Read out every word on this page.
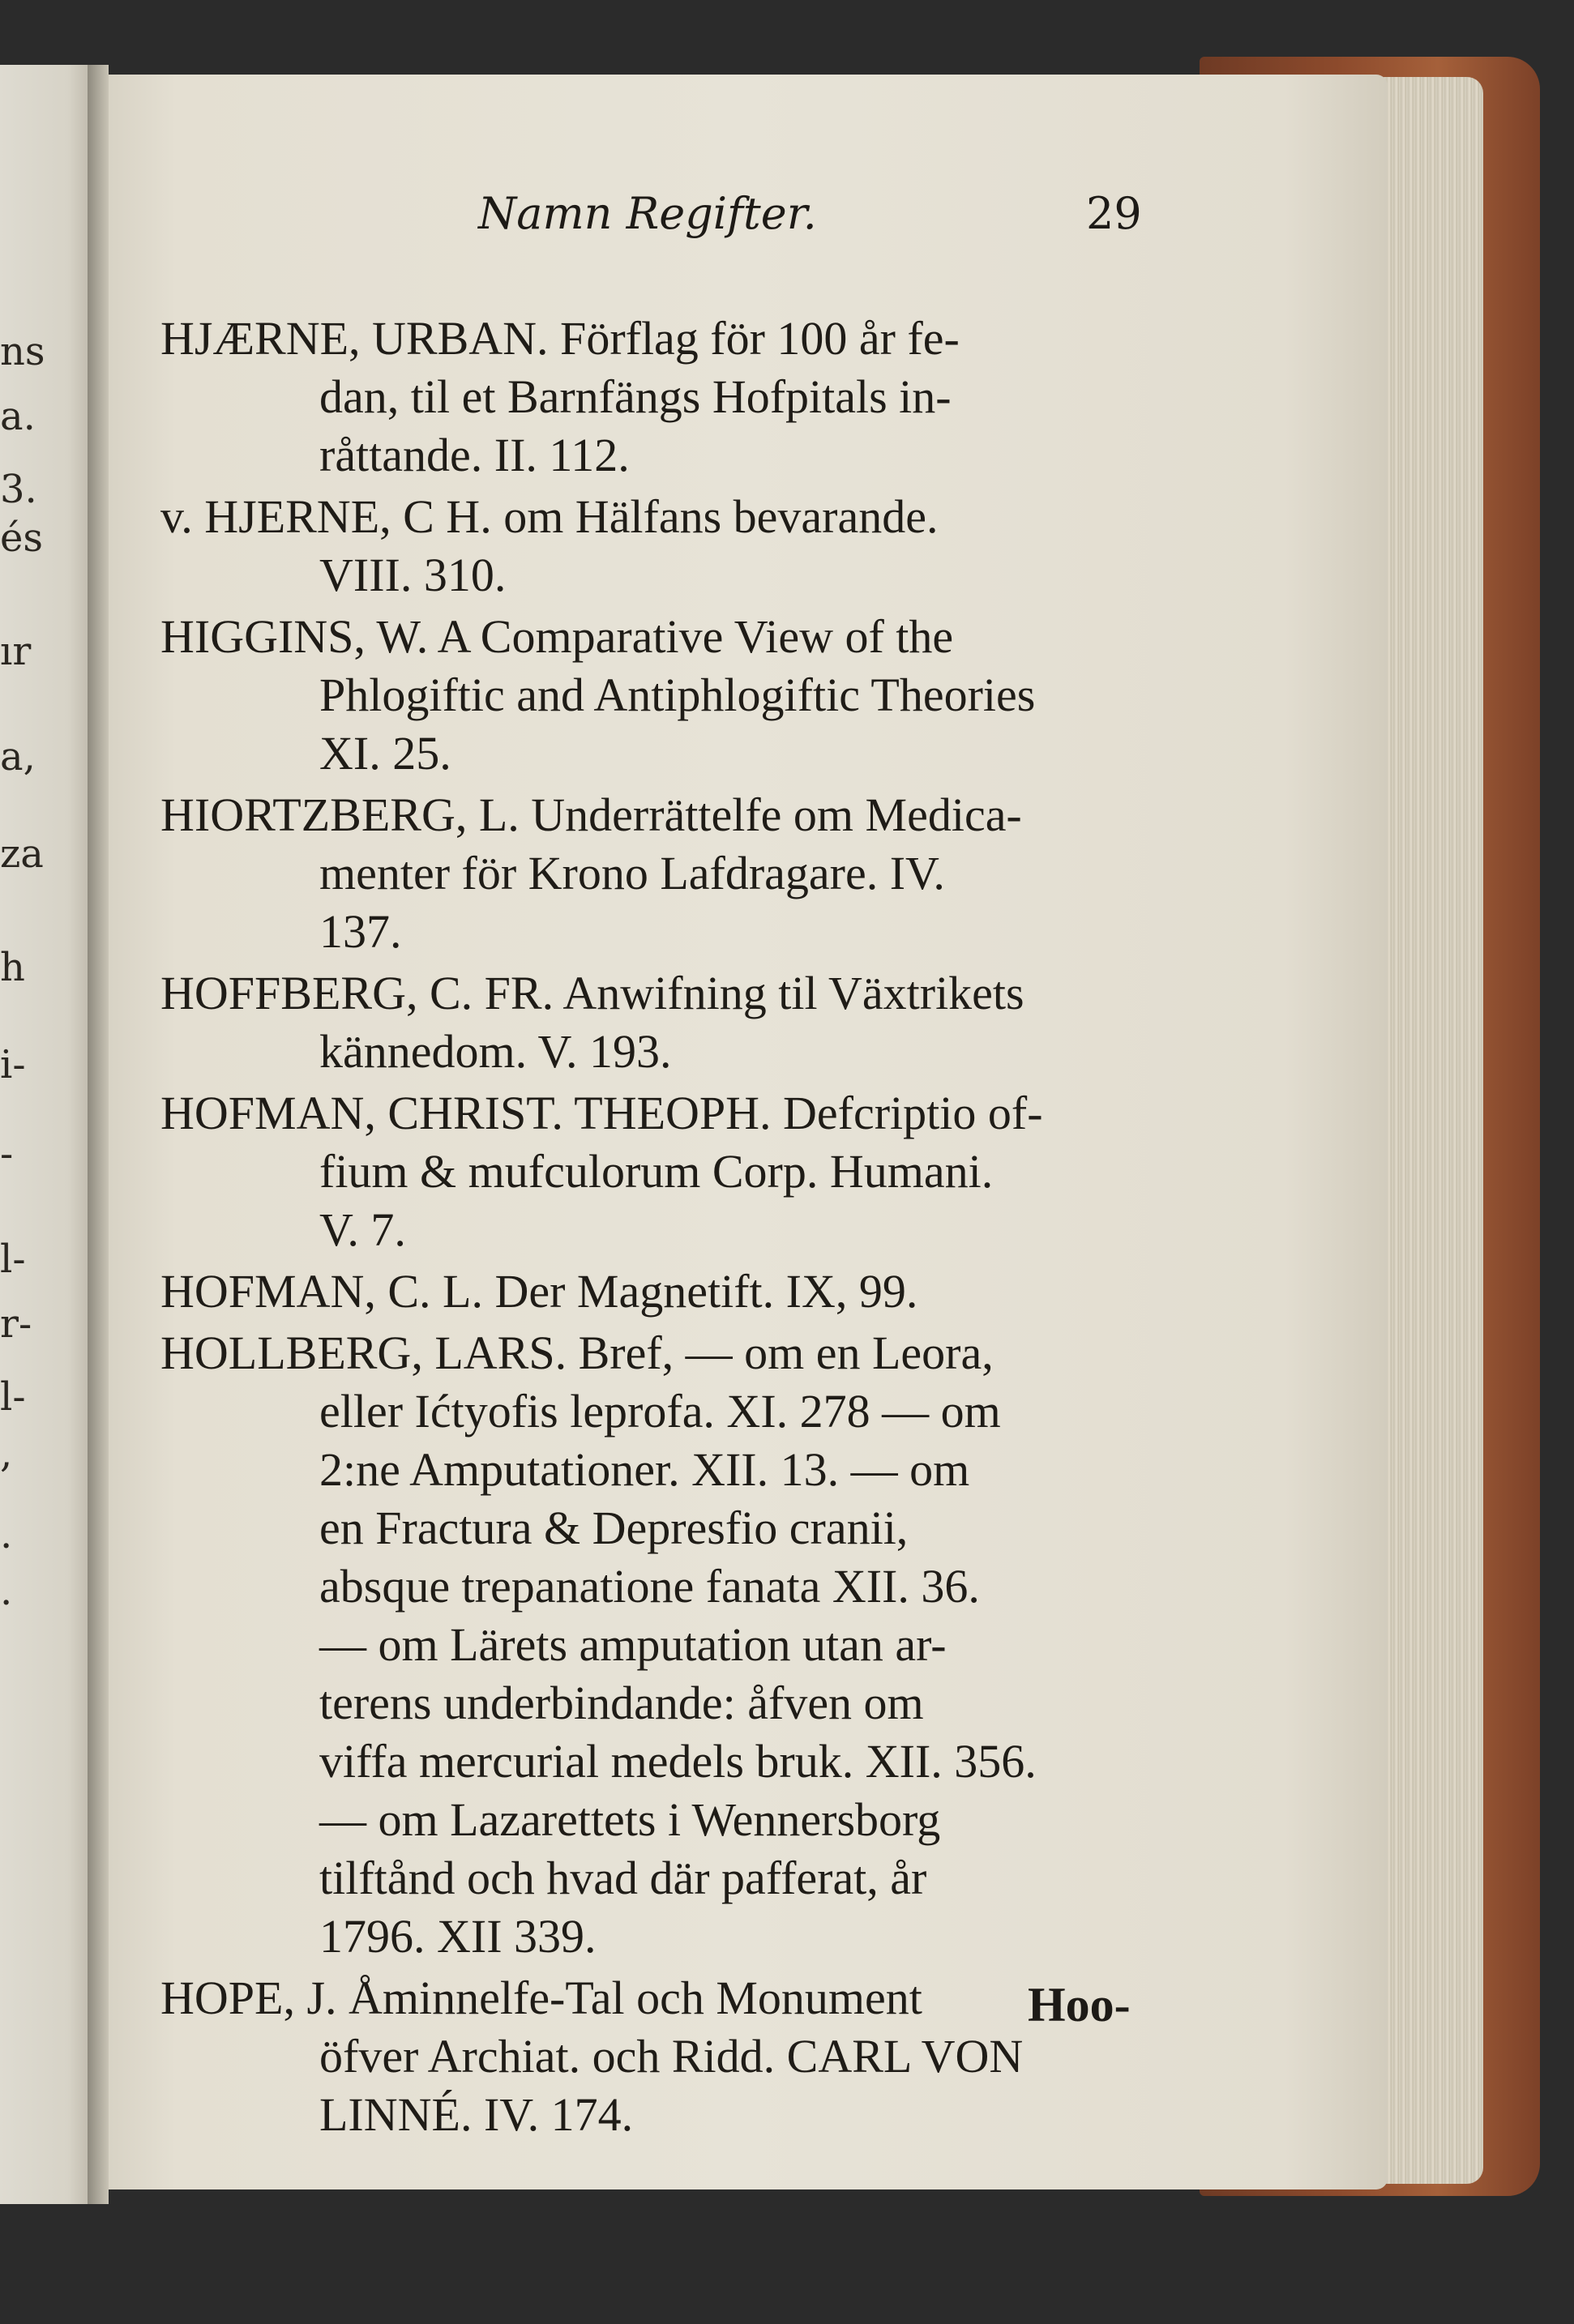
ns
a.
3.
és
ır
a,
za
h
i-
-
l-
r-
l-
,
.
.
Namn Regifter.	29
HJÆRNE, URBAN. Förflag för 100 år fe-
dan, til et Barnfängs Hofpitals in-
råttande. II. 112.
v. HJERNE, C H. om Hälfans bevarande.
VIII. 310.
HIGGINS, W. A Comparative View of the
Phlogiftic and Antiphlogiftic Theories
XI. 25.
HIORTZBERG, L. Underrättelfe om Medica-
menter för Krono Lafdragare. IV.
137.
HOFFBERG, C. FR. Anwifning til Växtrikets
kännedom. V. 193.
HOFMAN, CHRIST. THEOPH. Defcriptio of-
fium & mufculorum Corp. Humani.
V. 7.
HOFMAN, C. L. Der Magnetift. IX, 99.
HOLLBERG, LARS. Bref, — om en Leora,
eller Ićtyofis leprofa. XI. 278 — om
2:ne Amputationer. XII. 13. — om
en Fractura & Depresfio cranii,
absque trepanatione fanata XII. 36.
— om Lärets amputation utan ar-
terens underbindande: åfven om
viffa mercurial medels bruk. XII. 356.
— om Lazarettets i Wennersborg
tilftånd och hvad där pafferat, år
1796. XII 339.
HOPE, J. Åminnelfe-Tal och Monument
öfver Archiat. och Ridd. CARL VON
LINNÉ. IV. 174.
Hoo-
